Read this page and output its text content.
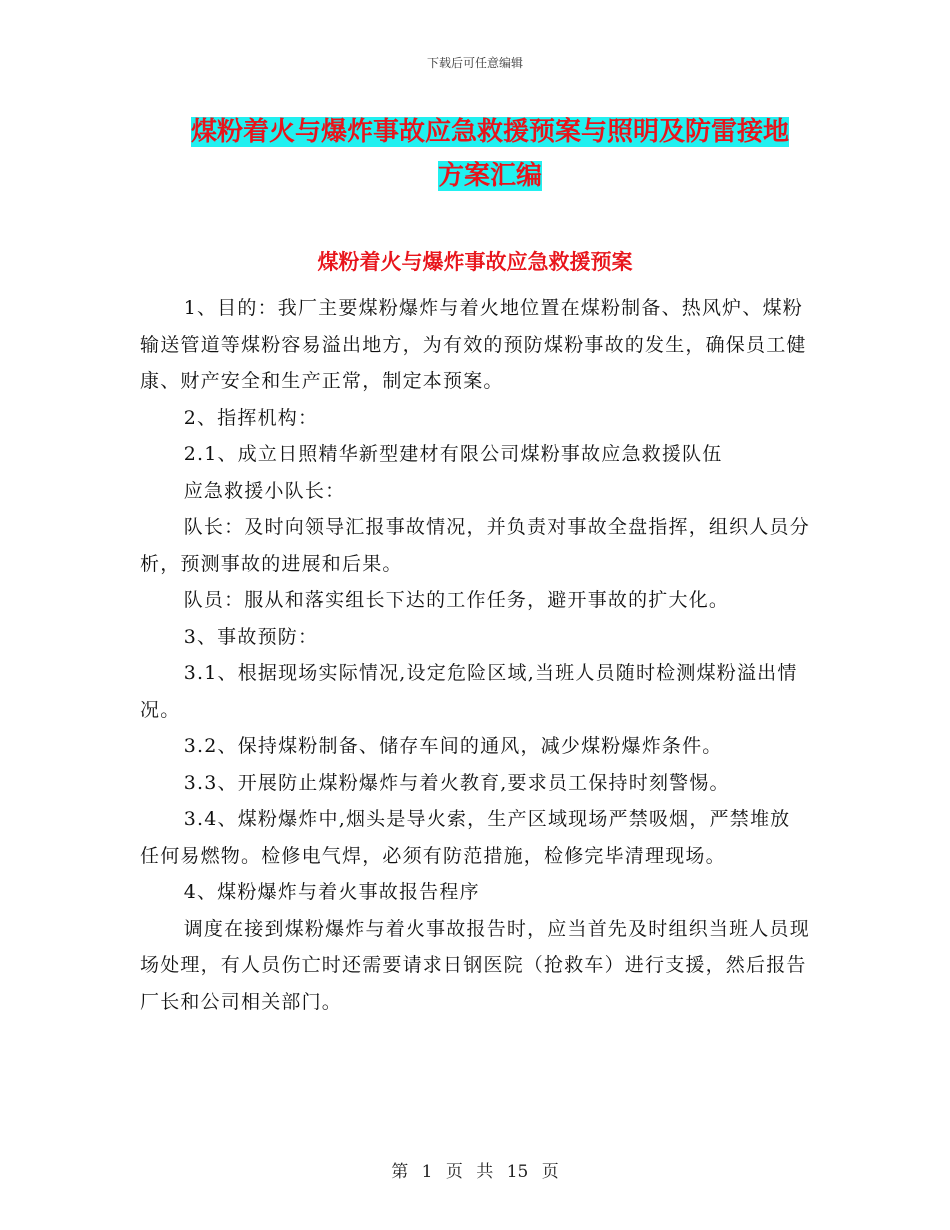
下载后可任意编辑
煤粉着火与爆炸事故应急救援预案与照明及防雷接地
方案汇编
煤粉着火与爆炸事故应急救援预案

1、目的：我厂主要煤粉爆炸与着火地位置在煤粉制备、热风炉、煤粉输送管道等煤粉容易溢出地方，为有效的预防煤粉事故的发生，确保员工健康、财产安全和生产正常，制定本预案。

2、指挥机构：

2.1、成立日照精华新型建材有限公司煤粉事故应急救援队伍

应急救援小队长：

队长：及时向领导汇报事故情况，并负责对事故全盘指挥，组织人员分析，预测事故的进展和后果。

队员：服从和落实组长下达的工作任务，避开事故的扩大化。

3、事故预防：

3.1、根据现场实际情况,设定危险区域,当班人员随时检测煤粉溢出情况。

3.2、保持煤粉制备、储存车间的通风，减少煤粉爆炸条件。

3.3、开展防止煤粉爆炸与着火教育,要求员工保持时刻警惕。

3.4、煤粉爆炸中,烟头是导火索，生产区域现场严禁吸烟，严禁堆放任何易燃物。检修电气焊，必须有防范措施，检修完毕清理现场。

4、煤粉爆炸与着火事故报告程序

调度在接到煤粉爆炸与着火事故报告时，应当首先及时组织当班人员现场处理，有人员伤亡时还需要请求日钢医院（抢救车）进行支援，然后报告厂长和公司相关部门。

第 1 页 共 15 页
